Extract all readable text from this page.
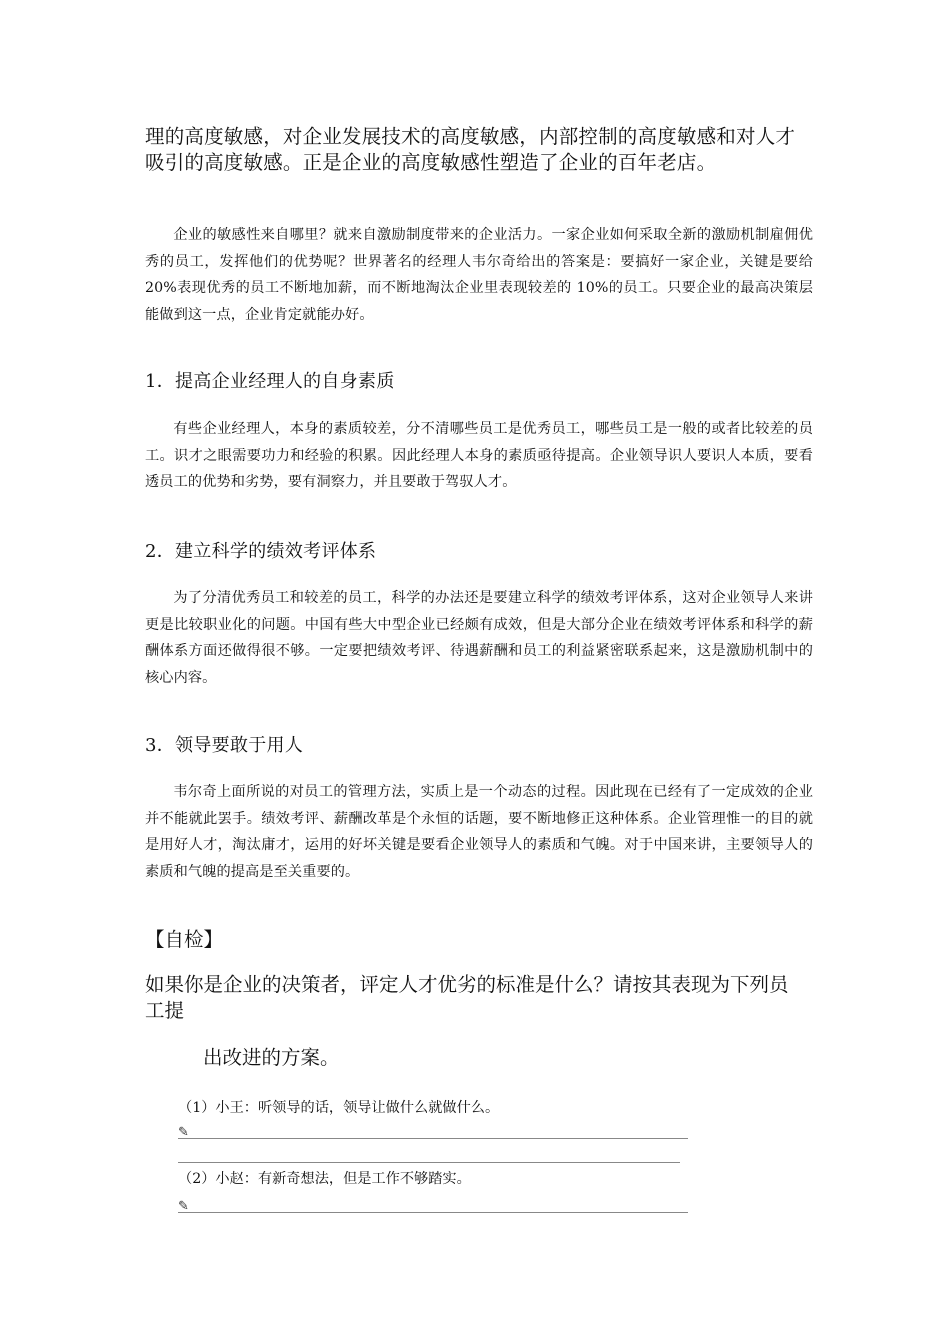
理的高度敏感，对企业发展技术的高度敏感，内部控制的高度敏感和对人才吸引的高度敏感。正是企业的高度敏感性塑造了企业的百年老店。

企业的敏感性来自哪里？就来自激励制度带来的企业活力。一家企业如何采取全新的激励机制雇佣优秀的员工，发挥他们的优势呢？世界著名的经理人韦尔奇给出的答案是：要搞好一家企业，关键是要给 20%表现优秀的员工不断地加薪，而不断地淘汰企业里表现较差的 10%的员工。只要企业的最高决策层能做到这一点，企业肯定就能办好。

1．提高企业经理人的自身素质

有些企业经理人，本身的素质较差，分不清哪些员工是优秀员工，哪些员工是一般的或者比较差的员工。识才之眼需要功力和经验的积累。因此经理人本身的素质亟待提高。企业领导识人要识人本质，要看透员工的优势和劣势，要有洞察力，并且要敢于驾驭人才。

2．建立科学的绩效考评体系

为了分清优秀员工和较差的员工，科学的办法还是要建立科学的绩效考评体系，这对企业领导人来讲更是比较职业化的问题。中国有些大中型企业已经颇有成效，但是大部分企业在绩效考评体系和科学的薪酬体系方面还做得很不够。一定要把绩效考评、待遇薪酬和员工的利益紧密联系起来，这是激励机制中的核心内容。

3．领导要敢于用人

韦尔奇上面所说的对员工的管理方法，实质上是一个动态的过程。因此现在已经有了一定成效的企业并不能就此罢手。绩效考评、薪酬改革是个永恒的话题，要不断地修正这种体系。企业管理惟一的目的就是用好人才，淘汰庸才，运用的好坏关键是要看企业领导人的素质和气魄。对于中国来讲，主要领导人的素质和气魄的提高是至关重要的。

【自检】
如果你是企业的决策者，评定人才优劣的标准是什么？请按其表现为下列员工提
出改进的方案。
（1）小王：听领导的话，领导让做什么就做什么。
✎
（2）小赵：有新奇想法，但是工作不够踏实。
✎
